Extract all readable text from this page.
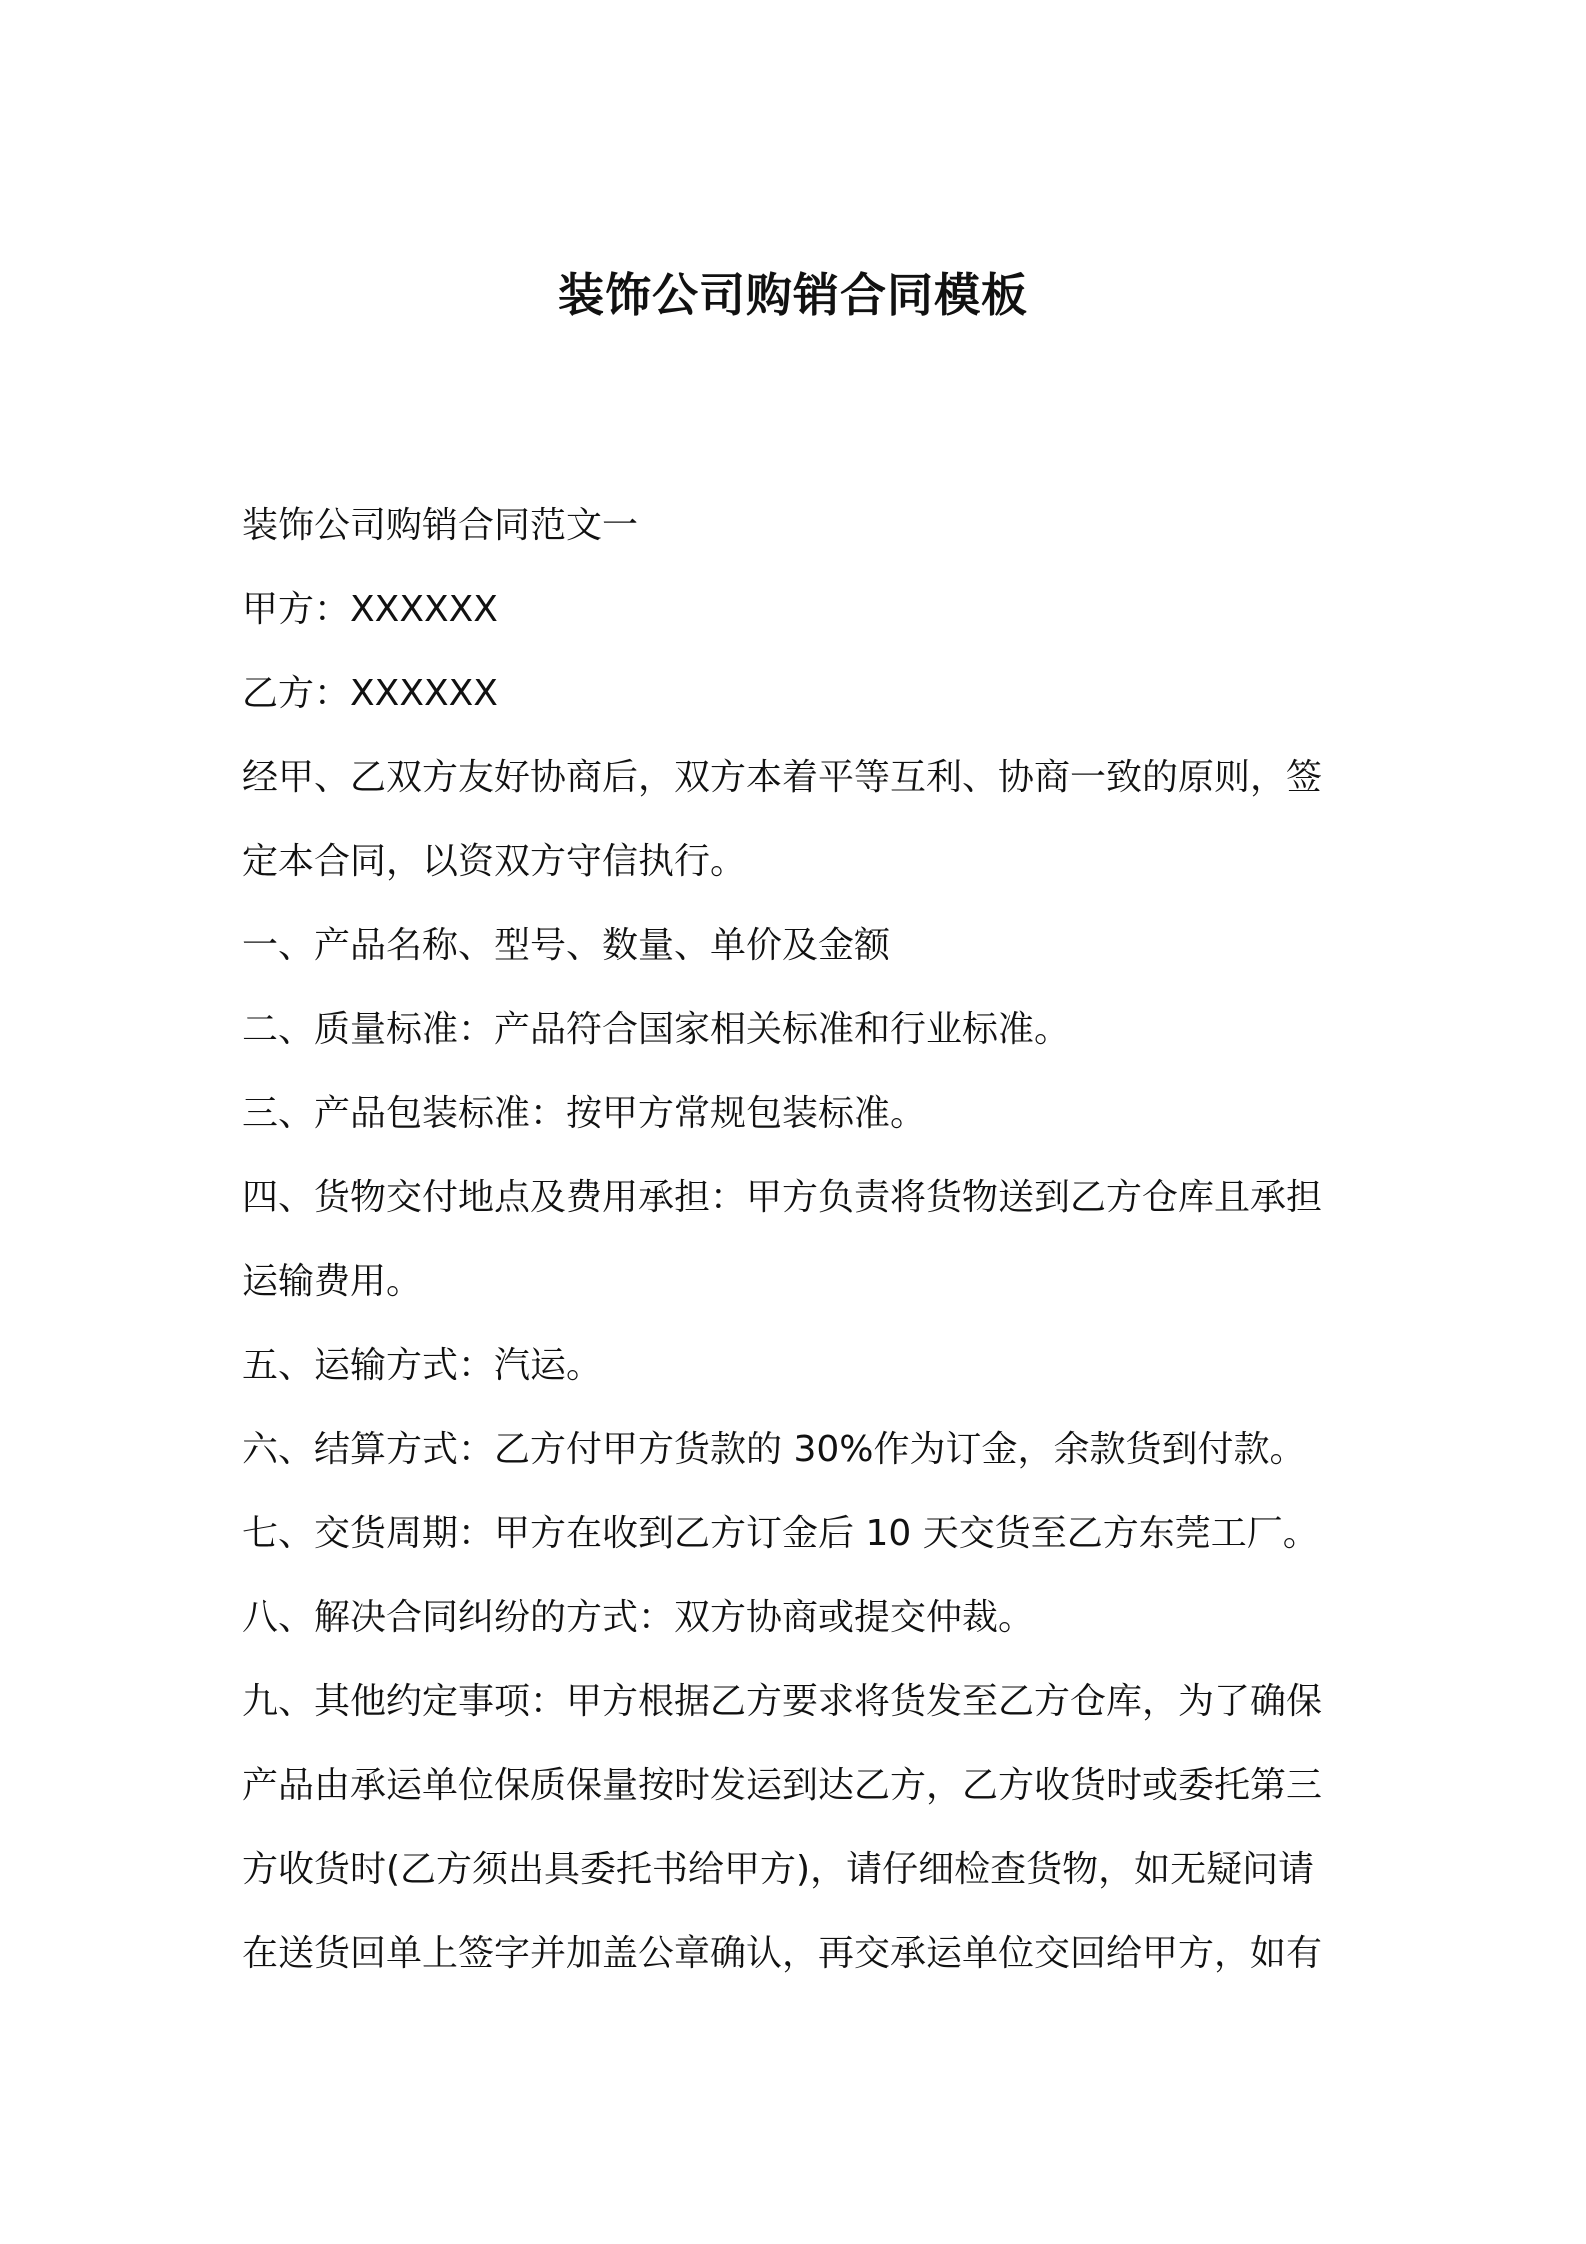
装饰公司购销合同模板

装饰公司购销合同范文一

甲方：XXXXXX

乙方：XXXXXX

经甲、乙双方友好协商后，双方本着平等互利、协商一致的原则，签

定本合同，以资双方守信执行。

一、产品名称、型号、数量、单价及金额

二、质量标准：产品符合国家相关标准和行业标准。

三、产品包装标准：按甲方常规包装标准。

四、货物交付地点及费用承担：甲方负责将货物送到乙方仓库且承担

运输费用。

五、运输方式：汽运。

六、结算方式：乙方付甲方货款的 30%作为订金，余款货到付款。

七、交货周期：甲方在收到乙方订金后 10 天交货至乙方东莞工厂。

八、解决合同纠纷的方式：双方协商或提交仲裁。

九、其他约定事项：甲方根据乙方要求将货发至乙方仓库，为了确保

产品由承运单位保质保量按时发运到达乙方，乙方收货时或委托第三

方收货时(乙方须出具委托书给甲方)，请仔细检查货物，如无疑问请

在送货回单上签字并加盖公章确认，再交承运单位交回给甲方，如有
